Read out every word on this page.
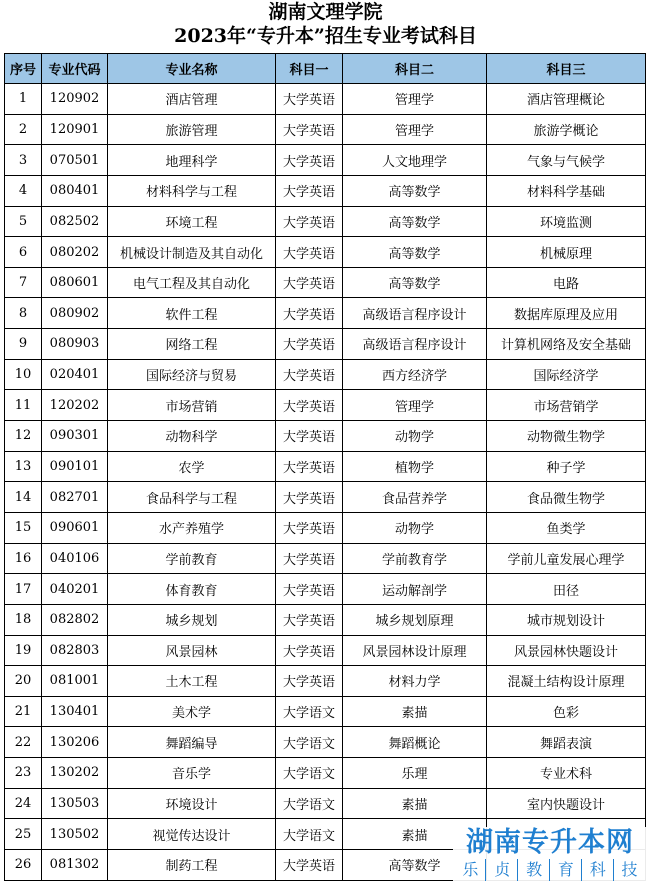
湖南文理学院
2023年“专升本”招生专业考试科目
序号	专业代码	专业名称	科目一	科目二	科目三
1	120902	酒店管理	大学英语	管理学	酒店管理概论
2	120901	旅游管理	大学英语	管理学	旅游学概论
3	070501	地理科学	大学英语	人文地理学	气象与气候学
4	080401	材料科学与工程	大学英语	高等数学	材料科学基础
5	082502	环境工程	大学英语	高等数学	环境监测
6	080202	机械设计制造及其自动化	大学英语	高等数学	机械原理
7	080601	电气工程及其自动化	大学英语	高等数学	电路
8	080902	软件工程	大学英语	高级语言程序设计	数据库原理及应用
9	080903	网络工程	大学英语	高级语言程序设计	计算机网络及安全基础
10	020401	国际经济与贸易	大学英语	西方经济学	国际经济学
11	120202	市场营销	大学英语	管理学	市场营销学
12	090301	动物科学	大学英语	动物学	动物微生物学
13	090101	农学	大学英语	植物学	种子学
14	082701	食品科学与工程	大学英语	食品营养学	食品微生物学
15	090601	水产养殖学	大学英语	动物学	鱼类学
16	040106	学前教育	大学英语	学前教育学	学前儿童发展心理学
17	040201	体育教育	大学英语	运动解剖学	田径
18	082802	城乡规划	大学英语	城乡规划原理	城市规划设计
19	082803	风景园林	大学英语	风景园林设计原理	风景园林快题设计
20	081001	土木工程	大学英语	材料力学	混凝土结构设计原理
21	130401	美术学	大学语文	素描	色彩
22	130206	舞蹈编导	大学语文	舞蹈概论	舞蹈表演
23	130202	音乐学	大学语文	乐理	专业术科
24	130503	环境设计	大学语文	素描	室内快题设计
25	130502	视觉传达设计	大学语文	素描	
26	081302	制药工程	大学英语	高等数学	
湖南专升本网
乐 贞 教 育 科 技
